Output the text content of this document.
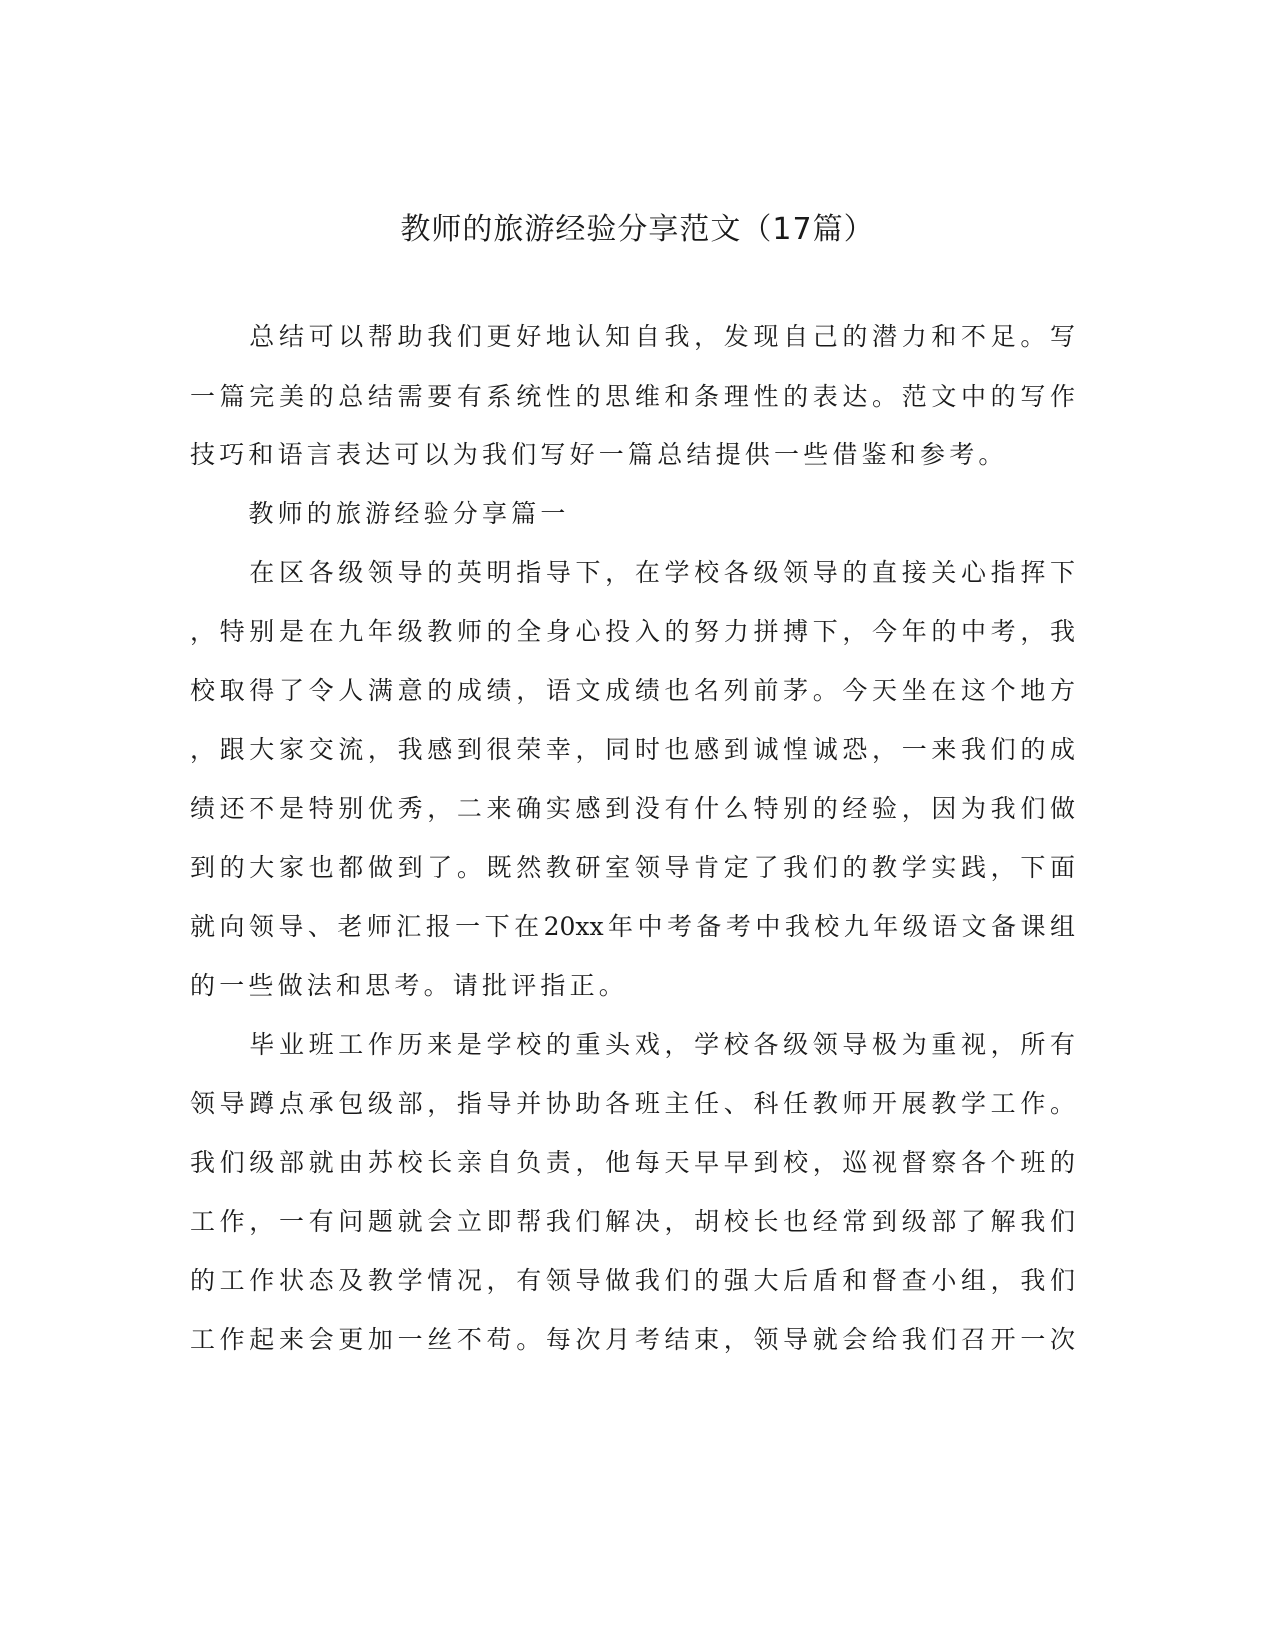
教师的旅游经验分享范文（17篇）
　　总结可以帮助我们更好地认知自我，发现自己的潜力和不足。写
一篇完美的总结需要有系统性的思维和条理性的表达。范文中的写作
技巧和语言表达可以为我们写好一篇总结提供一些借鉴和参考。
　　教师的旅游经验分享篇一
　　在区各级领导的英明指导下，在学校各级领导的直接关心指挥下
，特别是在九年级教师的全身心投入的努力拼搏下，今年的中考，我
校取得了令人满意的成绩，语文成绩也名列前茅。今天坐在这个地方
，跟大家交流，我感到很荣幸，同时也感到诚惶诚恐，一来我们的成
绩还不是特别优秀，二来确实感到没有什么特别的经验，因为我们做
到的大家也都做到了。既然教研室领导肯定了我们的教学实践，下面
就向领导、老师汇报一下在20xx年中考备考中我校九年级语文备课组
的一些做法和思考。请批评指正。
　　毕业班工作历来是学校的重头戏，学校各级领导极为重视，所有
领导蹲点承包级部，指导并协助各班主任、科任教师开展教学工作。
我们级部就由苏校长亲自负责，他每天早早到校，巡视督察各个班的
工作，一有问题就会立即帮我们解决，胡校长也经常到级部了解我们
的工作状态及教学情况，有领导做我们的强大后盾和督查小组，我们
工作起来会更加一丝不苟。每次月考结束，领导就会给我们召开一次
